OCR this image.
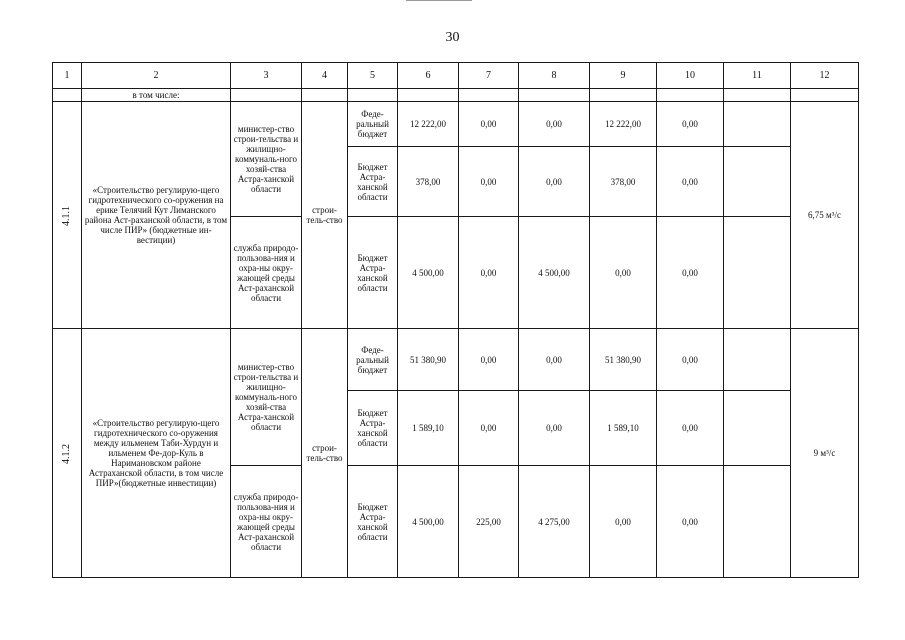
30
1	2	3	4	5	6	7	8	9	10	11	12
	в том числе:										
4.1.1	«Строительство регулирую-щего гидротехнического со-оружения на ерике Телячий Кут Лиманского района Аст-раханской области, в том числе ПИР» (бюджетные ин-вестиции)	министер-ство строи-тельства и жилищно-коммуналь-ного хозяй-ства Астра-ханской области	строи-тель-ство	Феде-ральный бюджет	12 222,00	0,00	0,00	12 222,00	0,00		6,75 м³/с
				Бюджет Астра-ханской области	378,00	0,00	0,00	378,00	0,00		
		служба природо-пользова-ния и охра-ны окру-жающей среды Аст-раханской области		Бюджет Астра-ханской области	4 500,00	0,00	4 500,00	0,00	0,00		
4.1.2	«Строительство регулирую-щего гидротехнического со-оружения между ильменем Таби-Хурдун и ильменем Фе-дор-Куль в Наримановском районе Астраханской области, в том числе ПИР»(бюджетные инвестиции)	министер-ство строи-тельства и жилищно-коммуналь-ного хозяй-ства Астра-ханской области	строи-тель-ство	Феде-ральный бюджет	51 380,90	0,00	0,00	51 380,90	0,00		9 м³/с
				Бюджет Астра-ханской области	1 589,10	0,00	0,00	1 589,10	0,00		
		служба природо-пользова-ния и охра-ны окру-жающей среды Аст-раханской области		Бюджет Астра-ханской области	4 500,00	225,00	4 275,00	0,00	0,00		
